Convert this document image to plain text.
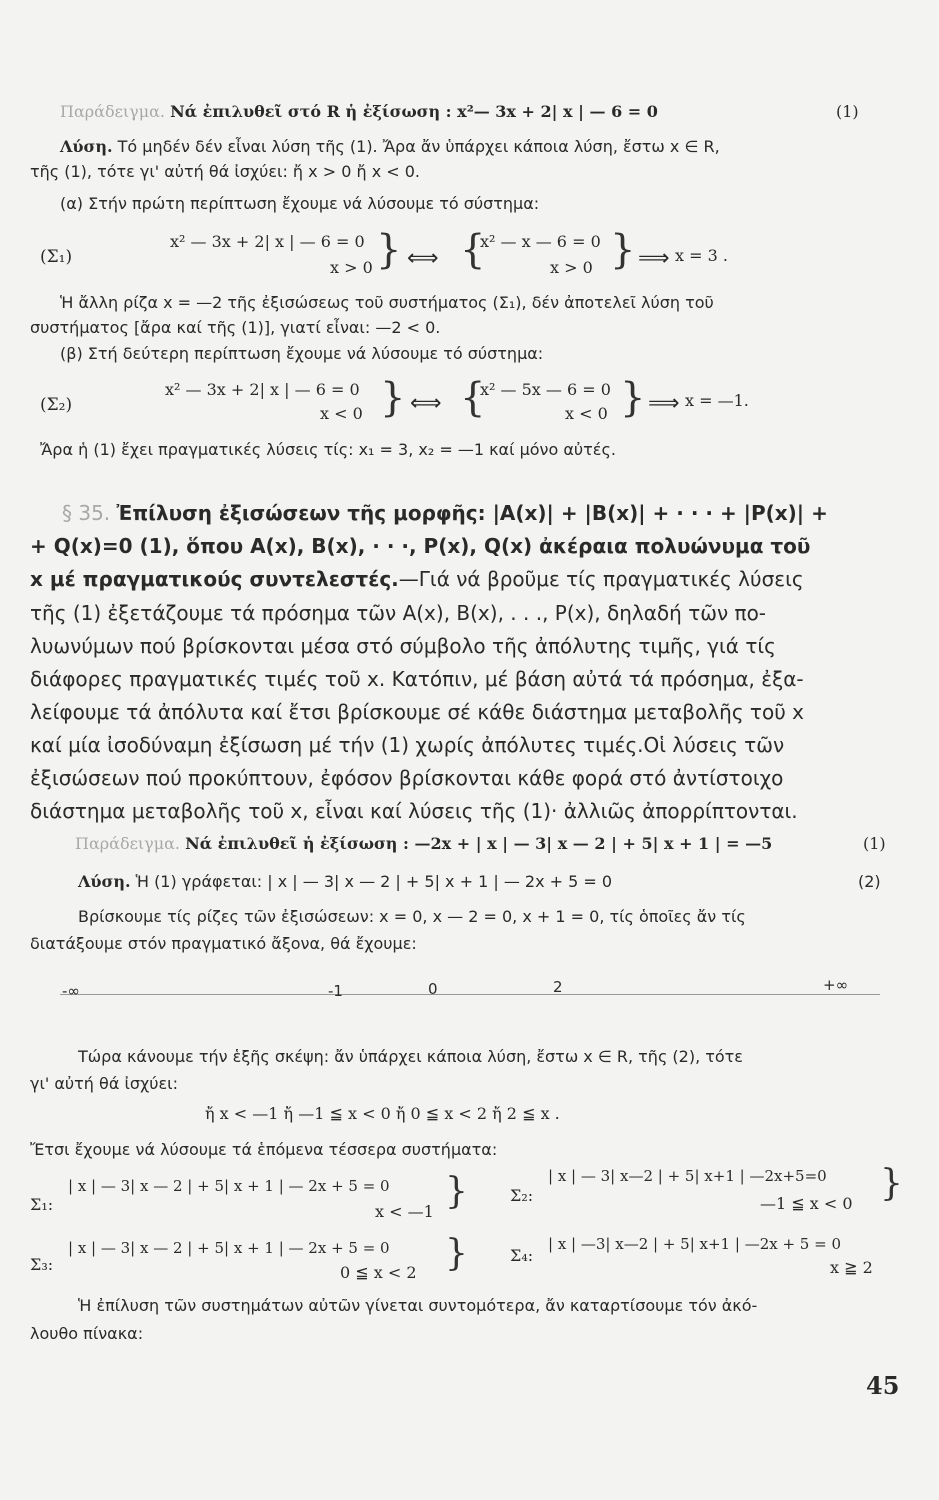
Παράδειγμα. Νά ἐπιλυθεῖ στό R ἡ ἐξίσωση : x²— 3x + 2| x | — 6 = 0	(1)
Λύση. Τό μηδέν δέν εἶναι λύση τῆς (1). Ἄρα ἄν ὑπάρχει κάποια λύση, ἔστω x ∈ R,
τῆς (1), τότε γι' αὐτή θά ἰσχύει: ἤ x > 0 ἤ x < 0.
(α) Στήν πρώτη περίπτωση ἔχουμε νά λύσουμε τό σύστημα:
(Σ₁)
x² — 3x + 2| x | — 6 = 0
x > 0 } ⟺ {
x² — x — 6 = 0
x > 0 } ⟹ x = 3 .
Ἡ ἄλλη ρίζα x = —2 τῆς ἐξισώσεως τοῦ συστήματος (Σ₁), δέν ἀποτελεῖ λύση τοῦ
συστήματος [ἄρα καί τῆς (1)], γιατί εἶναι: —2 < 0.
(β) Στή δεύτερη περίπτωση ἔχουμε νά λύσουμε τό σύστημα:
(Σ₂)
x² — 3x + 2| x | — 6 = 0
x < 0 } ⟺ {
x² — 5x — 6 = 0
x < 0 } ⟹ x = —1.
Ἄρα ἡ (1) ἔχει πραγματικές λύσεις τίς: x₁ = 3, x₂ = —1 καί μόνο αὐτές.
§ 35. Ἐπίλυση ἐξισώσεων τῆς μορφῆς: |A(x)| + |B(x)| + · · · + |P(x)| +
+ Q(x)=0 (1), ὅπου A(x), B(x), · · ·, P(x), Q(x) ἀκέραια πολυώνυμα τοῦ
x μέ πραγματικούς συντελεστές.—Γιά νά βροῦμε τίς πραγματικές λύσεις
τῆς (1) ἐξετάζουμε τά πρόσημα τῶν A(x), B(x), . . ., P(x), δηλαδή τῶν πο-
λυωνύμων πού βρίσκονται μέσα στό σύμβολο τῆς ἀπόλυτης τιμῆς, γιά τίς
διάφορες πραγματικές τιμές τοῦ x. Κατόπιν, μέ βάση αὐτά τά πρόσημα, ἐξα-
λείφουμε τά ἀπόλυτα καί ἔτσι βρίσκουμε σέ κάθε διάστημα μεταβολῆς τοῦ x
καί μία ἰσοδύναμη ἐξίσωση μέ τήν (1) χωρίς ἀπόλυτες τιμές.Οἱ λύσεις τῶν
ἐξισώσεων πού προκύπτουν, ἐφόσον βρίσκονται κάθε φορά στό ἀντίστοιχο
διάστημα μεταβολῆς τοῦ x, εἶναι καί λύσεις τῆς (1)· ἀλλιῶς ἀπορρίπτονται.
Παράδειγμα. Νά ἐπιλυθεῖ ἡ ἐξίσωση : —2x + | x | — 3| x — 2 | + 5| x + 1 | = —5	(1)
Λύση. Ἡ (1) γράφεται: | x | — 3| x — 2 | + 5| x + 1 | — 2x + 5 = 0	(2)
Βρίσκουμε τίς ρίζες τῶν ἐξισώσεων: x = 0, x — 2 = 0, x + 1 = 0, τίς ὁποῖες ἄν τίς
διατάξουμε στόν πραγματικό ἄξονα, θά ἔχουμε:
-∞	-1	0	2	+∞
Τώρα κάνουμε τήν ἑξῆς σκέψη: ἄν ὑπάρχει κάποια λύση, ἔστω x ∈ R, τῆς (2), τότε
γι' αὐτή θά ἰσχύει:
ἤ x < —1 ἤ —1 ≦ x < 0 ἤ 0 ≦ x < 2 ἤ 2 ≦ x .
Ἔτσι ἔχουμε νά λύσουμε τά ἑπόμενα τέσσερα συστήματα:
Σ₁:
| x | — 3| x — 2 | + 5| x + 1 | — 2x + 5 = 0
x < —1 }	Σ₂:
| x | — 3| x—2 | + 5| x+1 | —2x+5=0
—1 ≦ x < 0 }
Σ₃:
| x | — 3| x — 2 | + 5| x + 1 | — 2x + 5 = 0
0 ≦ x < 2 }	Σ₄:
| x | —3| x—2 | + 5| x+1 | —2x + 5 = 0
x ≧ 2
Ἡ ἐπίλυση τῶν συστημάτων αὐτῶν γίνεται συντομότερα, ἄν καταρτίσουμε τόν ἀκό-
λουθο πίνακα:
45
